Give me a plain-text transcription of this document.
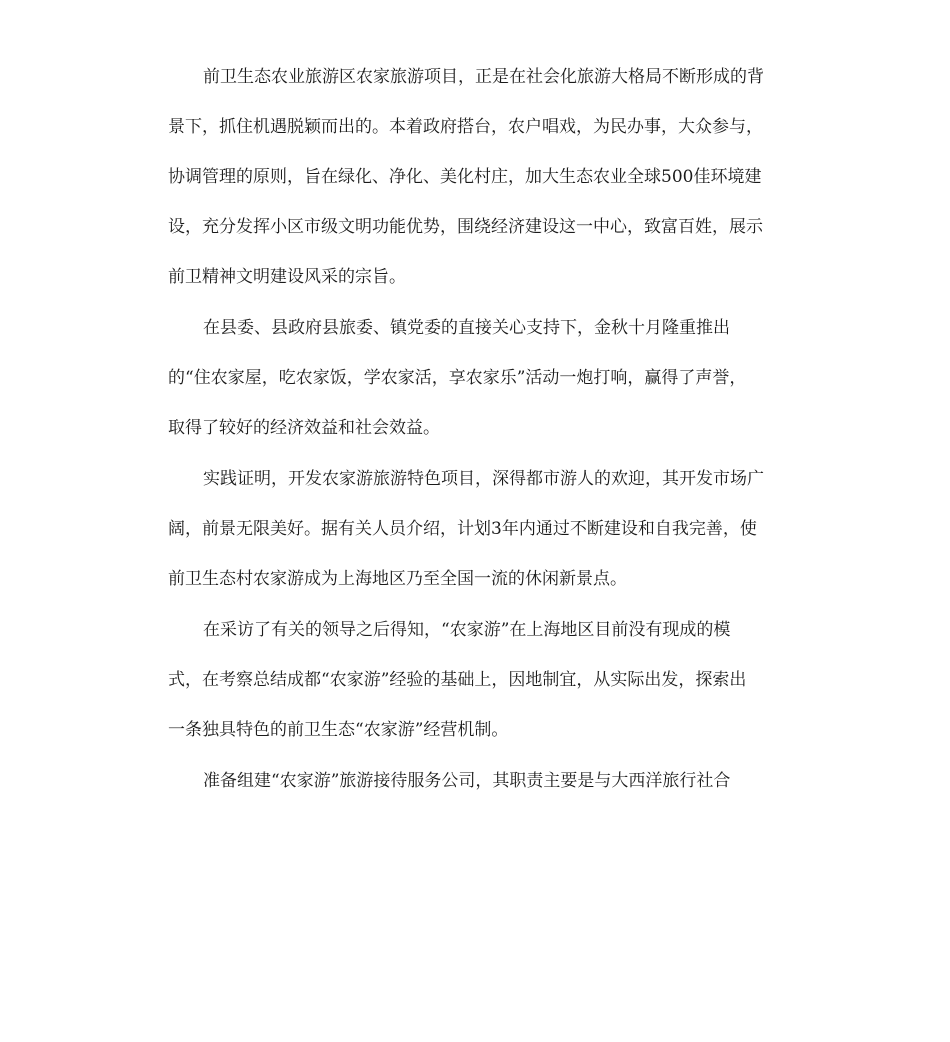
前卫生态农业旅游区农家旅游项目，正是在社会化旅游大格局不断形成的背
景下，抓住机遇脱颖而出的。本着政府搭台，农户唱戏，为民办事，大众参与，
协调管理的原则，旨在绿化、净化、美化村庄，加大生态农业全球500佳环境建
设，充分发挥小区市级文明功能优势，围绕经济建设这一中心，致富百姓，展示
前卫精神文明建设风采的宗旨。
在县委、县政府县旅委、镇党委的直接关心支持下，金秋十月隆重推出
的“住农家屋，吃农家饭，学农家活，享农家乐”活动一炮打响，赢得了声誉，
取得了较好的经济效益和社会效益。
实践证明，开发农家游旅游特色项目，深得都市游人的欢迎，其开发市场广
阔，前景无限美好。据有关人员介绍，计划3年内通过不断建设和自我完善，使
前卫生态村农家游成为上海地区乃至全国一流的休闲新景点。
在采访了有关的领导之后得知，“农家游”在上海地区目前没有现成的模
式，在考察总结成都“农家游”经验的基础上，因地制宜，从实际出发，探索出
一条独具特色的前卫生态“农家游”经营机制。
准备组建“农家游”旅游接待服务公司，其职责主要是与大西洋旅行社合
